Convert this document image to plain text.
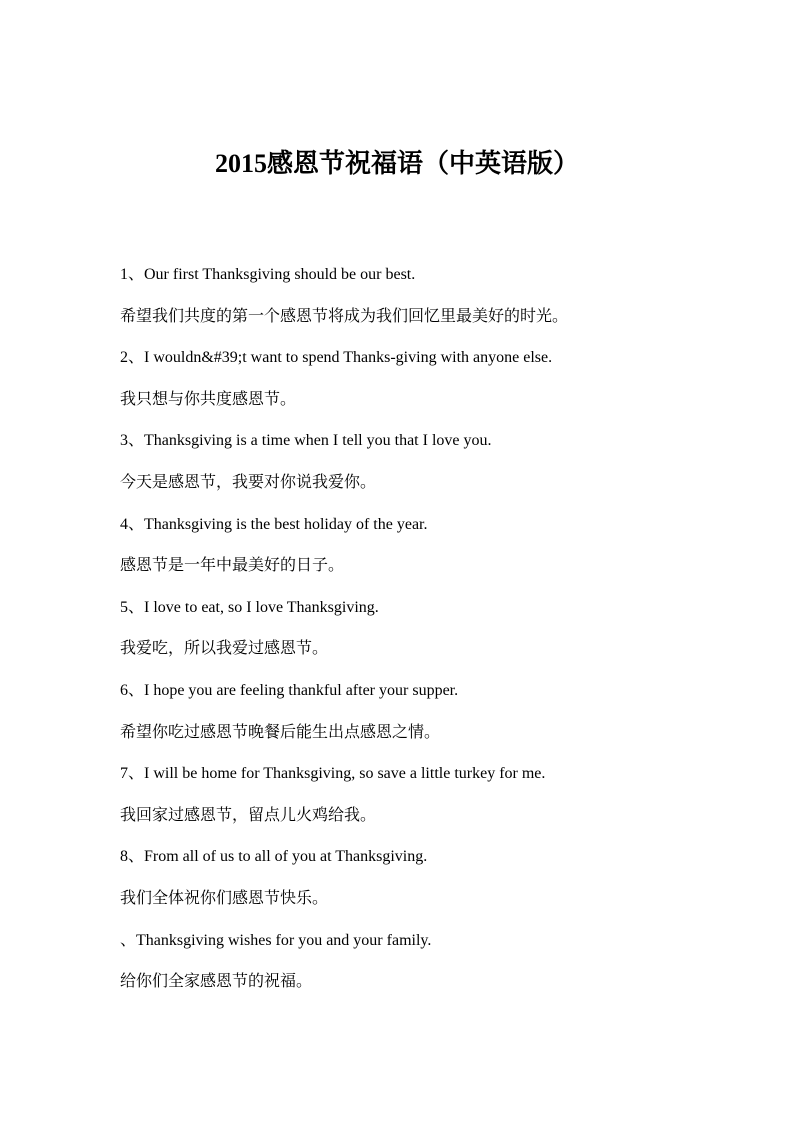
2015感恩节祝福语（中英语版）
1、Our first Thanksgiving should be our best.
希望我们共度的第一个感恩节将成为我们回忆里最美好的时光。
2、I wouldn&#39;t want to spend Thanks-giving with anyone else.
我只想与你共度感恩节。
3、Thanksgiving is a time when I tell you that I love you.
今天是感恩节，我要对你说我爱你。
4、Thanksgiving is the best holiday of the year.
感恩节是一年中最美好的日子。
5、I love to eat, so I love Thanksgiving.
我爱吃，所以我爱过感恩节。
6、I hope you are feeling thankful after your supper.
希望你吃过感恩节晚餐后能生出点感恩之情。
7、I will be home for Thanksgiving, so save a little turkey for me.
我回家过感恩节，留点儿火鸡给我。
8、From all of us to all of you at Thanksgiving.
我们全体祝你们感恩节快乐。
、Thanksgiving wishes for you and your family.
给你们全家感恩节的祝福。
